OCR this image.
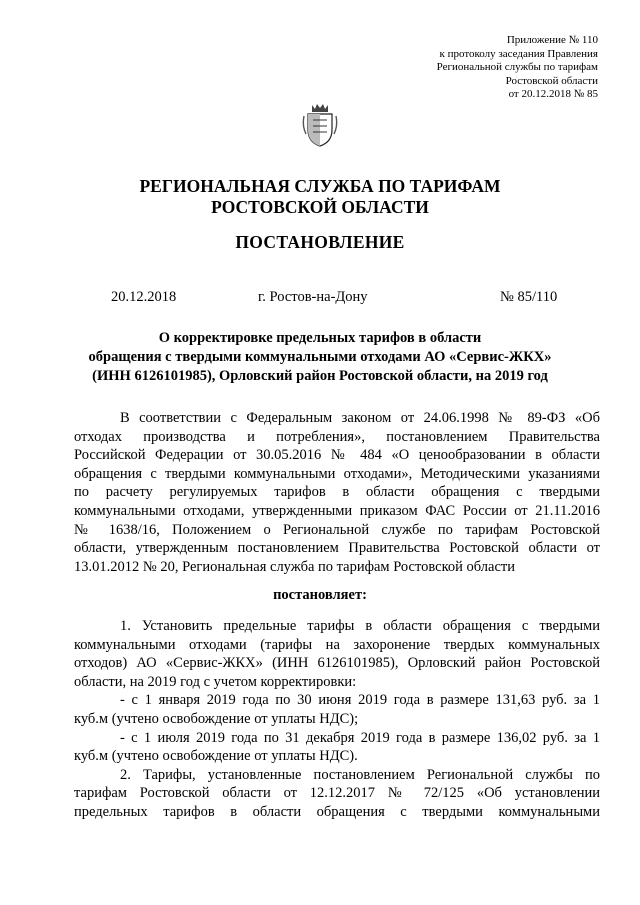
Приложение № 110
к протоколу заседания Правления
Региональной службы по тарифам
Ростовской области
от 20.12.2018 № 85
РЕГИОНАЛЬНАЯ СЛУЖБА ПО ТАРИФАМ
РОСТОВСКОЙ ОБЛАСТИ
ПОСТАНОВЛЕНИЕ
20.12.2018	г. Ростов-на-Дону	№ 85/110
О корректировке предельных тарифов в области
обращения с твердыми коммунальными отходами АО «Сервис-ЖКХ»
(ИНН 6126101985), Орловский район Ростовской области, на 2019 год
В соответствии с Федеральным законом от 24.06.1998 № 89-ФЗ «Об
отходах производства и потребления», постановлением Правительства
Российской Федерации от 30.05.2016 № 484 «О ценообразовании в области
обращения с твердыми коммунальными отходами», Методическими указаниями
по расчету регулируемых тарифов в области обращения с твердыми
коммунальными отходами, утвержденными приказом ФАС России от 21.11.2016
№ 1638/16, Положением о Региональной службе по тарифам Ростовской
области, утвержденным постановлением Правительства Ростовской области от
13.01.2012 № 20, Региональная служба по тарифам Ростовской области
постановляет:
1. Установить предельные тарифы в области обращения с твердыми
коммунальными отходами (тарифы на захоронение твердых коммунальных
отходов) АО «Сервис-ЖКХ» (ИНН 6126101985), Орловский район Ростовской
области, на 2019 год с учетом корректировки:
- с 1 января 2019 года по 30 июня 2019 года в размере 131,63 руб. за 1
куб.м (учтено освобождение от уплаты НДС);
- с 1 июля 2019 года по 31 декабря 2019 года в размере 136,02 руб. за 1
куб.м (учтено освобождение от уплаты НДС).
2. Тарифы, установленные постановлением Региональной службы по
тарифам Ростовской области от 12.12.2017 № 72/125 «Об установлении
предельных тарифов в области обращения с твердыми коммунальными
